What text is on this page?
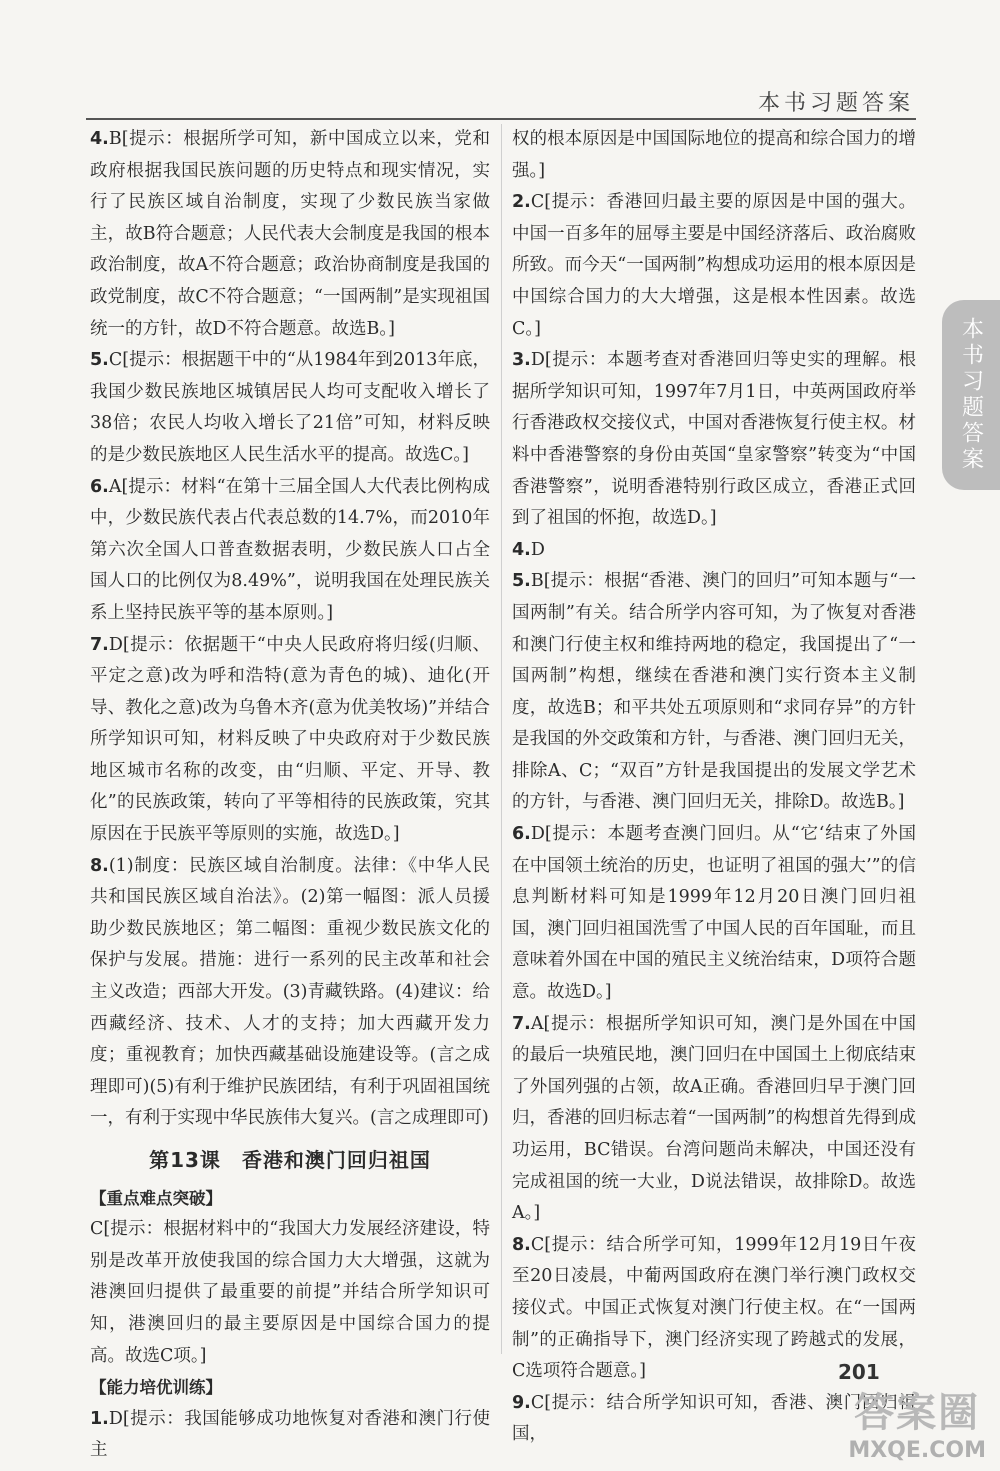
本书习题答案
本书习题答案

4.B[提示：根据所学可知，新中国成立以来，党和政府根据我国民族问题的历史特点和现实情况，实行了民族区域自治制度，实现了少数民族当家做主，故B符合题意；人民代表大会制度是我国的根本政治制度，故A不符合题意；政治协商制度是我国的政党制度，故C不符合题意；“一国两制”是实现祖国统一的方针，故D不符合题意。故选B。]

5.C[提示：根据题干中的“从1984年到2013年底，我国少数民族地区城镇居民人均可支配收入增长了38倍；农民人均收入增长了21倍”可知，材料反映的是少数民族地区人民生活水平的提高。故选C。]

6.A[提示：材料“在第十三届全国人大代表比例构成中，少数民族代表占代表总数的14.7%，而2010年第六次全国人口普查数据表明，少数民族人口占全国人口的比例仅为8.49%”，说明我国在处理民族关系上坚持民族平等的基本原则。]

7.D[提示：依据题干“中央人民政府将归绥(归顺、平定之意)改为呼和浩特(意为青色的城)、迪化(开导、教化之意)改为乌鲁木齐(意为优美牧场)”并结合所学知识可知，材料反映了中央政府对于少数民族地区城市名称的改变，由“归顺、平定、开导、教化”的民族政策，转向了平等相待的民族政策，究其原因在于民族平等原则的实施，故选D。]

8.(1)制度：民族区域自治制度。法律：《中华人民共和国民族区域自治法》。(2)第一幅图：派人员援助少数民族地区；第二幅图：重视少数民族文化的保护与发展。措施：进行一系列的民主改革和社会主义改造；西部大开发。(3)青藏铁路。(4)建议：给西藏经济、技术、人才的支持；加大西藏开发力度；重视教育；加快西藏基础设施建设等。(言之成理即可)(5)有利于维护民族团结，有利于巩固祖国统一，有利于实现中华民族伟大复兴。(言之成理即可)

第13课　香港和澳门回归祖国
【重点难点突破】

C[提示：根据材料中的“我国大力发展经济建设，特别是改革开放使我国的综合国力大大增强，这就为港澳回归提供了最重要的前提”并结合所学知识可知，港澳回归的最主要原因是中国综合国力的提高。故选C项。]

【能力培优训练】

1.D[提示：我国能够成功地恢复对香港和澳门行使主

权的根本原因是中国国际地位的提高和综合国力的增强。]

2.C[提示：香港回归最主要的原因是中国的强大。中国一百多年的屈辱主要是中国经济落后、政治腐败所致。而今天“一国两制”构想成功运用的根本原因是中国综合国力的大大增强，这是根本性因素。故选C。]

3.D[提示：本题考查对香港回归等史实的理解。根据所学知识可知，1997年7月1日，中英两国政府举行香港政权交接仪式，中国对香港恢复行使主权。材料中香港警察的身份由英国“皇家警察”转变为“中国香港警察”，说明香港特别行政区成立，香港正式回到了祖国的怀抱，故选D。]

4.D

5.B[提示：根据“香港、澳门的回归”可知本题与“一国两制”有关。结合所学内容可知，为了恢复对香港和澳门行使主权和维持两地的稳定，我国提出了“一国两制”构想，继续在香港和澳门实行资本主义制度，故选B；和平共处五项原则和“求同存异”的方针是我国的外交政策和方针，与香港、澳门回归无关，排除A、C；“双百”方针是我国提出的发展文学艺术的方针，与香港、澳门回归无关，排除D。故选B。]

6.D[提示：本题考查澳门回归。从“它‘结束了外国在中国领土统治的历史，也证明了祖国的强大’”的信息判断材料可知是1999年12月20日澳门回归祖国，澳门回归祖国洗雪了中国人民的百年国耻，而且意味着外国在中国的殖民主义统治结束，D项符合题意。故选D。]

7.A[提示：根据所学知识可知，澳门是外国在中国的最后一块殖民地，澳门回归在中国国土上彻底结束了外国列强的占领，故A正确。香港回归早于澳门回归，香港的回归标志着“一国两制”的构想首先得到成功运用，BC错误。台湾问题尚未解决，中国还没有完成祖国的统一大业，D说法错误，故排除D。故选A。]

8.C[提示：结合所学可知，1999年12月19日午夜至20日凌晨，中葡两国政府在澳门举行澳门政权交接仪式。中国正式恢复对澳门行使主权。在“一国两制”的正确指导下，澳门经济实现了跨越式的发展，C选项符合题意。]

9.C[提示：结合所学知识可知，香港、澳门回归祖国，

201
答案圈
MXQE.COM
